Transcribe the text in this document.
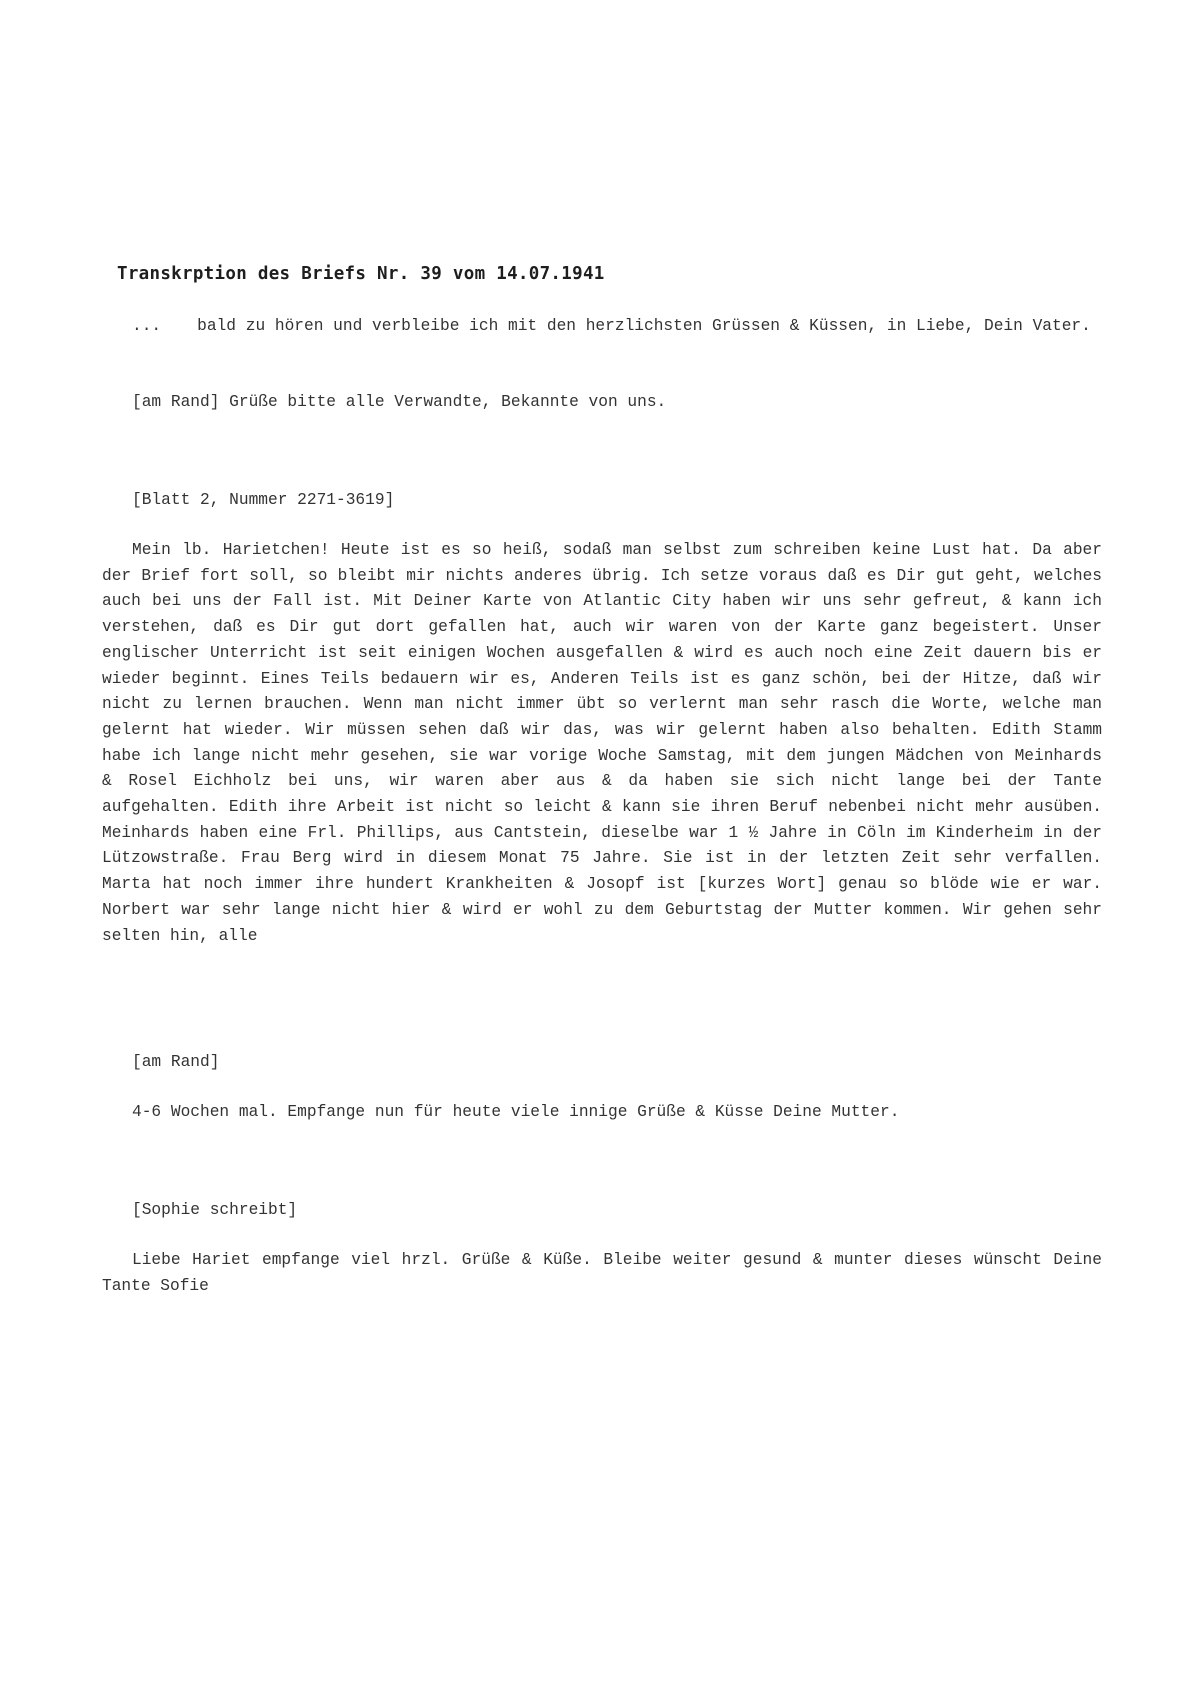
Transkrption des Briefs Nr. 39 vom 14.07.1941
... bald zu hören und verbleibe ich mit den herzlichsten Grüssen & Küssen, in Liebe, Dein Vater.
[am Rand] Grüße bitte alle Verwandte, Bekannte von uns.
[Blatt 2, Nummer 2271-3619]
Mein lb. Harietchen! Heute ist es so heiß, sodaß man selbst zum schreiben keine Lust hat. Da aber der Brief fort soll, so bleibt mir nichts anderes übrig. Ich setze voraus daß es Dir gut geht, welches auch bei uns der Fall ist. Mit Deiner Karte von Atlantic City haben wir uns sehr gefreut, & kann ich verstehen, daß es Dir gut dort gefallen hat, auch wir waren von der Karte ganz begeistert. Unser englischer Unterricht ist seit einigen Wochen ausgefallen & wird es auch noch eine Zeit dauern bis er wieder beginnt. Eines Teils bedauern wir es, Anderen Teils ist es ganz schön, bei der Hitze, daß wir nicht zu lernen brauchen. Wenn man nicht immer übt so verlernt man sehr rasch die Worte, welche man gelernt hat wieder. Wir müssen sehen daß wir das, was wir gelernt haben also behalten. Edith Stamm habe ich lange nicht mehr gesehen, sie war vorige Woche Samstag, mit dem jungen Mädchen von Meinhards & Rosel Eichholz bei uns, wir waren aber aus & da haben sie sich nicht lange bei der Tante aufgehalten. Edith ihre Arbeit ist nicht so leicht & kann sie ihren Beruf nebenbei nicht mehr ausüben. Meinhards haben eine Frl. Phillips, aus Cantstein, dieselbe war 1 ½ Jahre in Cöln im Kinderheim in der Lützowstraße. Frau Berg wird in diesem Monat 75 Jahre. Sie ist in der letzten Zeit sehr verfallen. Marta hat noch immer ihre hundert Krankheiten & Josopf ist [kurzes Wort] genau so blöde wie er war. Norbert war sehr lange nicht hier & wird er wohl zu dem Geburtstag der Mutter kommen. Wir gehen sehr selten hin, alle
[am Rand]
4-6 Wochen mal. Empfange nun für heute viele innige Grüße & Küsse Deine Mutter.
[Sophie schreibt]
Liebe Hariet empfange viel hrzl. Grüße & Küße. Bleibe weiter gesund & munter dieses wünscht Deine Tante Sofie
